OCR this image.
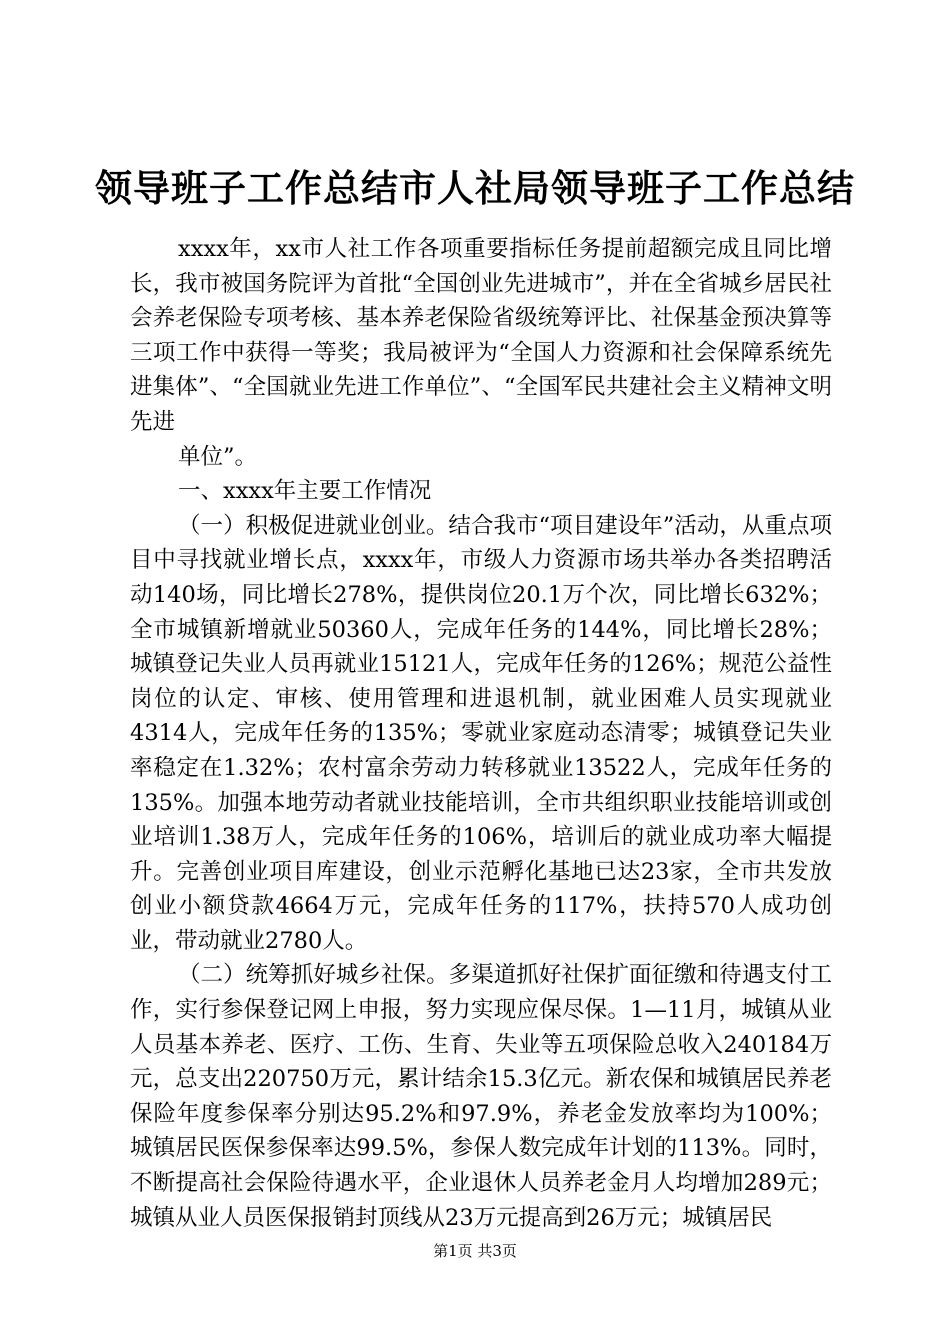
领导班子工作总结市人社局领导班子工作总结

xxxx年，xx市人社工作各项重要指标任务提前超额完成且同比增长，我市被国务院评为首批“全国创业先进城市”，并在全省城乡居民社会养老保险专项考核、基本养老保险省级统筹评比、社保基金预决算等三项工作中获得一等奖；我局被评为“全国人力资源和社会保障系统先进集体”、“全国就业先进工作单位”、“全国军民共建社会主义精神文明先进

单位”。

一、xxxx年主要工作情况

（一）积极促进就业创业。结合我市“项目建设年”活动，从重点项目中寻找就业增长点，xxxx年，市级人力资源市场共举办各类招聘活动140场，同比增长278%，提供岗位20.1万个次，同比增长632%；全市城镇新增就业50360人，完成年任务的144%，同比增长28%；城镇登记失业人员再就业15121人，完成年任务的126%；规范公益性岗位的认定、审核、使用管理和进退机制，就业困难人员实现就业4314人，完成年任务的135%；零就业家庭动态清零；城镇登记失业率稳定在1.32%；农村富余劳动力转移就业13522人，完成年任务的135%。加强本地劳动者就业技能培训，全市共组织职业技能培训或创业培训1.38万人，完成年任务的106%，培训后的就业成功率大幅提升。完善创业项目库建设，创业示范孵化基地已达23家，全市共发放创业小额贷款4664万元，完成年任务的117%，扶持570人成功创业，带动就业2780人。

（二）统筹抓好城乡社保。多渠道抓好社保扩面征缴和待遇支付工作，实行参保登记网上申报，努力实现应保尽保。1—11月，城镇从业人员基本养老、医疗、工伤、生育、失业等五项保险总收入240184万元，总支出220750万元，累计结余15.3亿元。新农保和城镇居民养老保险年度参保率分别达95.2%和97.9%，养老金发放率均为100%；城镇居民医保参保率达99.5%，参保人数完成年计划的113%。同时，不断提高社会保险待遇水平，企业退休人员养老金月人均增加289元；城镇从业人员医保报销封顶线从23万元提高到26万元；城镇居民

第1页 共3页
